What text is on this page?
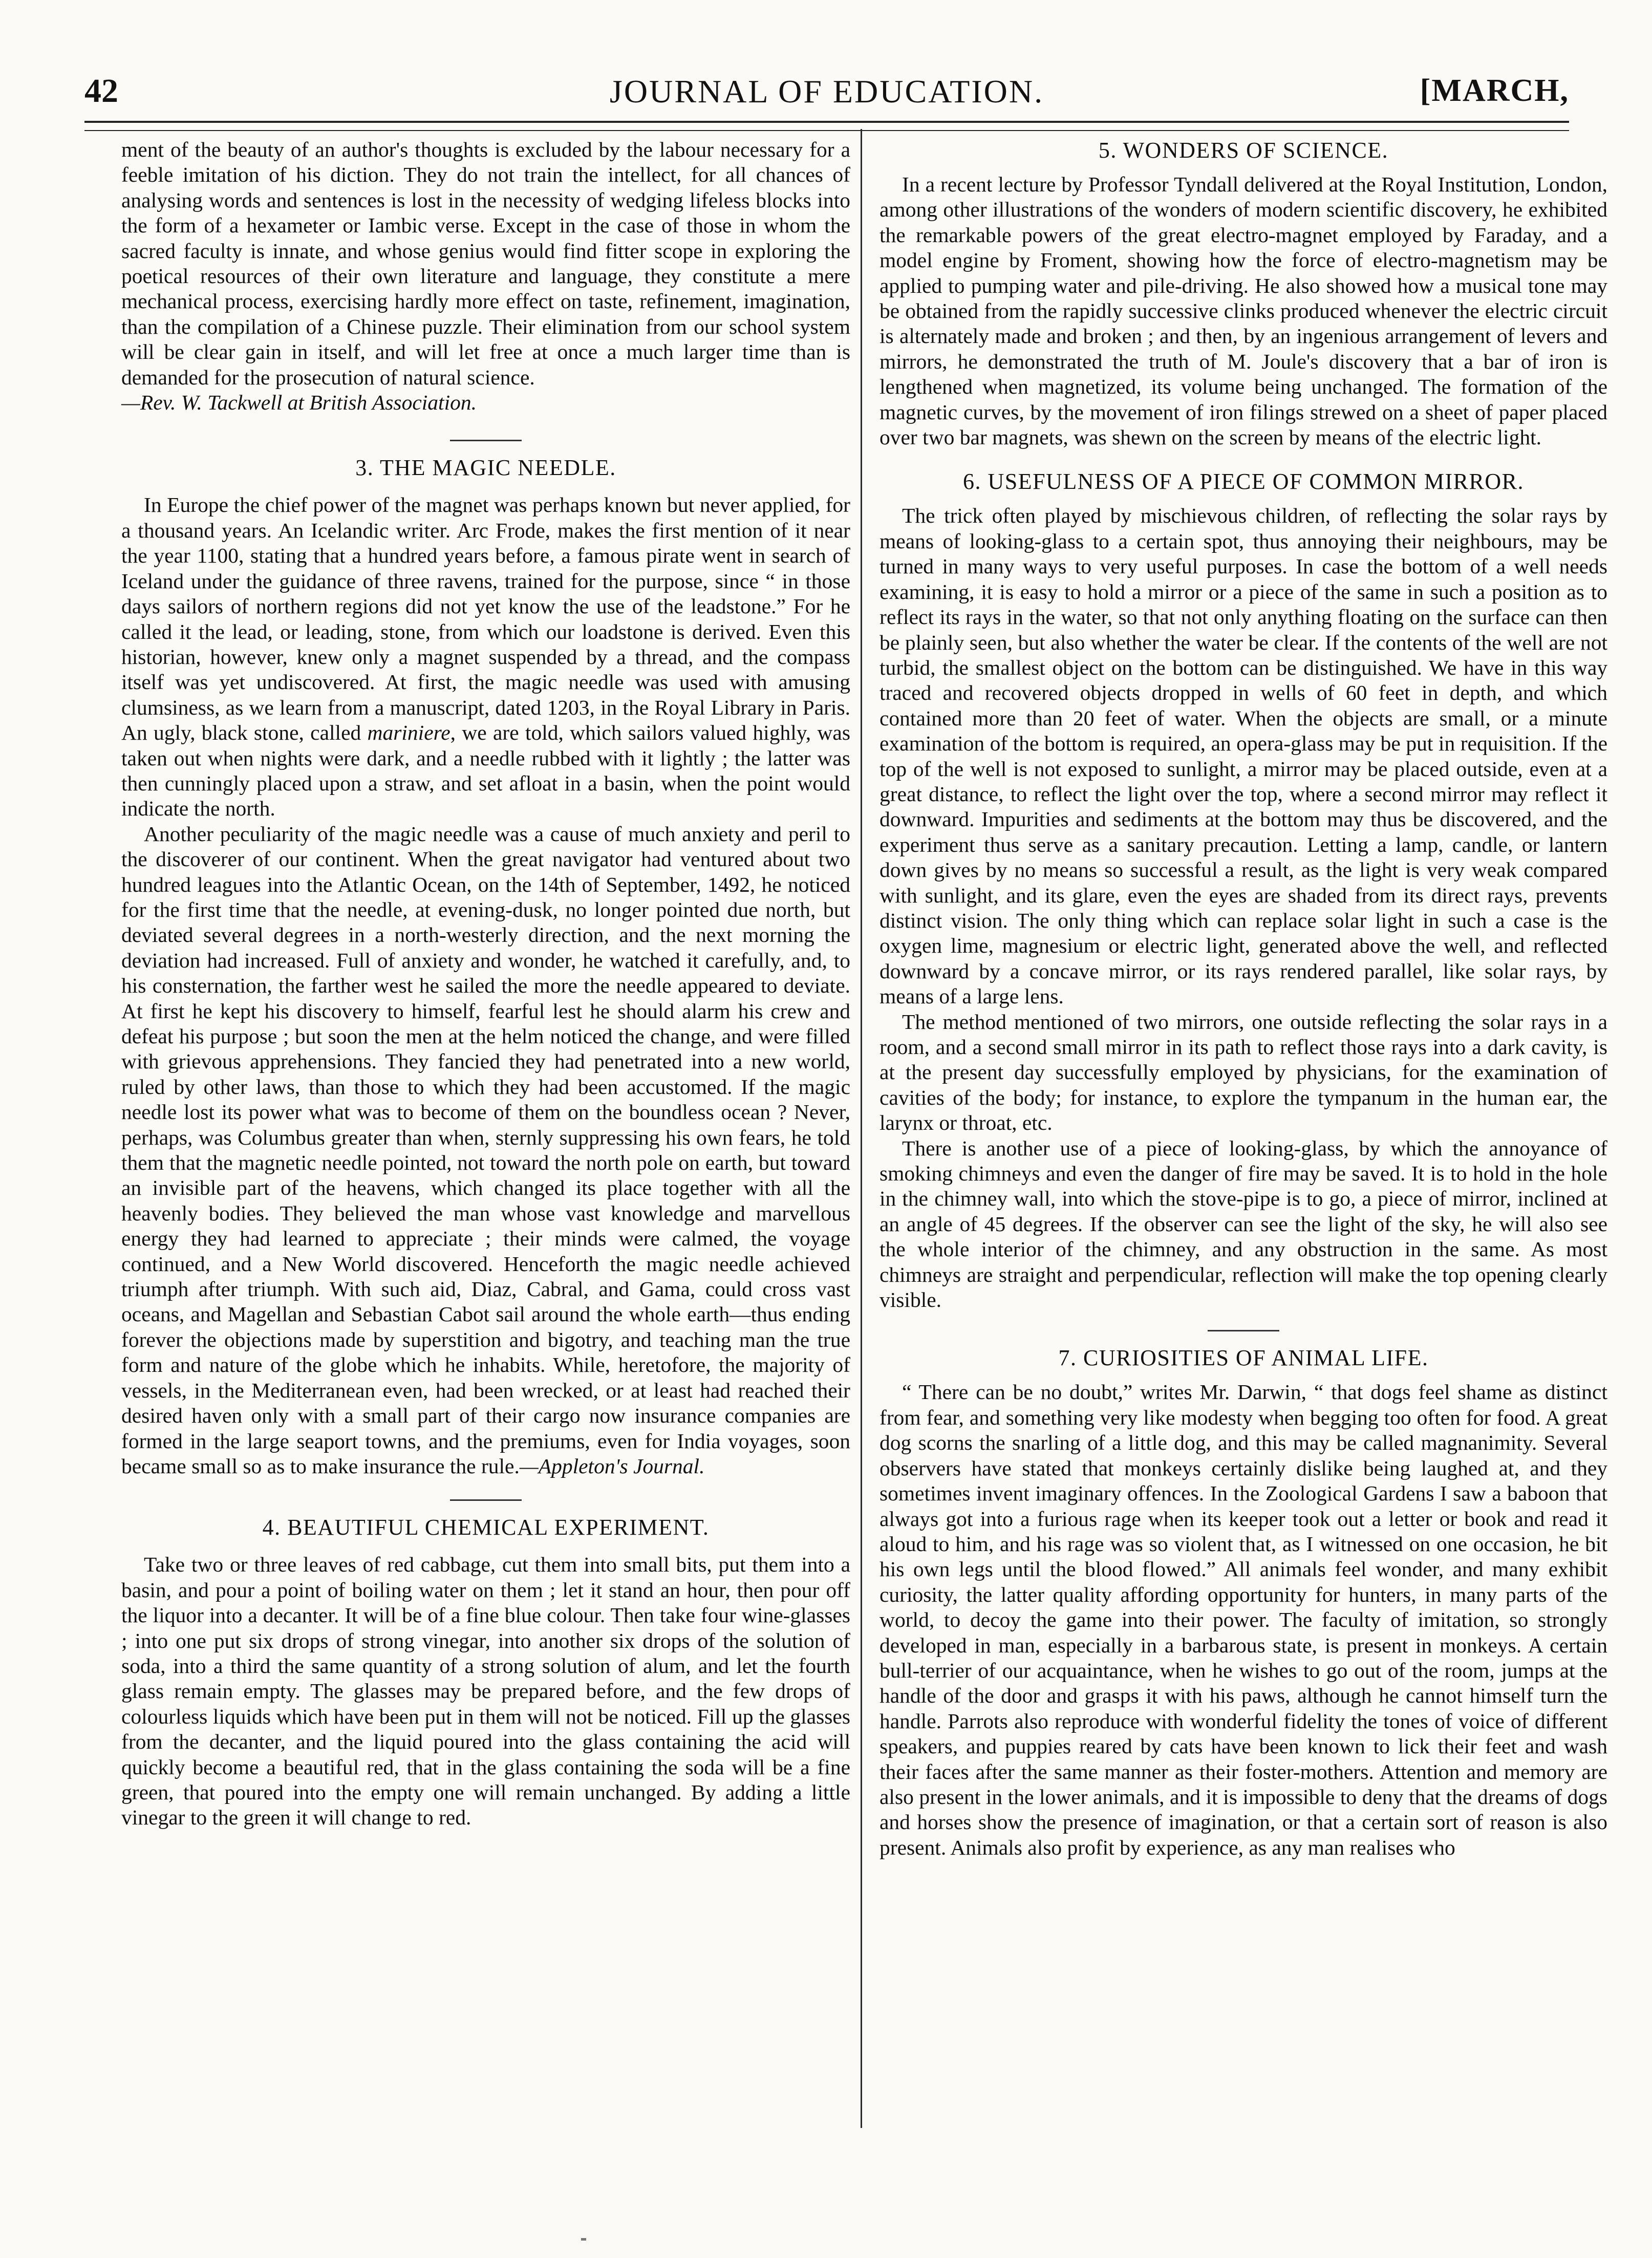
42	JOURNAL OF EDUCATION.	[MARCH,

ment of the beauty of an author's thoughts is excluded by the labour necessary for a feeble imitation of his diction. They do not train the intellect, for all chances of analysing words and sentences is lost in the necessity of wedging lifeless blocks into the form of a hexameter or Iambic verse. Except in the case of those in whom the sacred faculty is innate, and whose genius would find fitter scope in exploring the poetical resources of their own literature and language, they constitute a mere mechanical process, exercising hardly more effect on taste, refinement, imagination, than the compilation of a Chinese puzzle. Their elimination from our school system will be clear gain in itself, and will let free at once a much larger time than is demanded for the prosecution of natural science.
—Rev. W. Tackwell at British Association.

3. THE MAGIC NEEDLE.

In Europe the chief power of the magnet was perhaps known but never applied, for a thousand years. An Icelandic writer. Arc Frode, makes the first mention of it near the year 1100, stating that a hundred years before, a famous pirate went in search of Iceland under the guidance of three ravens, trained for the purpose, since “ in those days sailors of northern regions did not yet know the use of the leadstone.” For he called it the lead, or leading, stone, from which our loadstone is derived. Even this historian, however, knew only a magnet suspended by a thread, and the compass itself was yet undiscovered. At first, the magic needle was used with amusing clumsiness, as we learn from a manuscript, dated 1203, in the Royal Library in Paris. An ugly, black stone, called mariniere, we are told, which sailors valued highly, was taken out when nights were dark, and a needle rubbed with it lightly ; the latter was then cunningly placed upon a straw, and set afloat in a basin, when the point would indicate the north.

Another peculiarity of the magic needle was a cause of much anxiety and peril to the discoverer of our continent. When the great navigator had ventured about two hundred leagues into the Atlantic Ocean, on the 14th of September, 1492, he noticed for the first time that the needle, at evening-dusk, no longer pointed due north, but deviated several degrees in a north-westerly direction, and the next morning the deviation had increased. Full of anxiety and wonder, he watched it carefully, and, to his consternation, the farther west he sailed the more the needle appeared to deviate. At first he kept his discovery to himself, fearful lest he should alarm his crew and defeat his purpose ; but soon the men at the helm noticed the change, and were filled with grievous apprehensions. They fancied they had penetrated into a new world, ruled by other laws, than those to which they had been accustomed. If the magic needle lost its power what was to become of them on the boundless ocean ? Never, perhaps, was Columbus greater than when, sternly suppressing his own fears, he told them that the magnetic needle pointed, not toward the north pole on earth, but toward an invisible part of the heavens, which changed its place together with all the heavenly bodies. They believed the man whose vast knowledge and marvellous energy they had learned to appreciate ; their minds were calmed, the voyage continued, and a New World discovered. Henceforth the magic needle achieved triumph after triumph. With such aid, Diaz, Cabral, and Gama, could cross vast oceans, and Magellan and Sebastian Cabot sail around the whole earth—thus ending forever the objections made by superstition and bigotry, and teaching man the true form and nature of the globe which he inhabits. While, heretofore, the majority of vessels, in the Mediterranean even, had been wrecked, or at least had reached their desired haven only with a small part of their cargo now insurance companies are formed in the large seaport towns, and the premiums, even for India voyages, soon became small so as to make insurance the rule.—Appleton's Journal.

4. BEAUTIFUL CHEMICAL EXPERIMENT.

Take two or three leaves of red cabbage, cut them into small bits, put them into a basin, and pour a point of boiling water on them ; let it stand an hour, then pour off the liquor into a decanter. It will be of a fine blue colour. Then take four wine-glasses ; into one put six drops of strong vinegar, into another six drops of the solution of soda, into a third the same quantity of a strong solution of alum, and let the fourth glass remain empty. The glasses may be prepared before, and the few drops of colourless liquids which have been put in them will not be noticed. Fill up the glasses from the decanter, and the liquid poured into the glass containing the acid will quickly become a beautiful red, that in the glass containing the soda will be a fine green, that poured into the empty one will remain unchanged. By adding a little vinegar to the green it will change to red.

5. WONDERS OF SCIENCE.

In a recent lecture by Professor Tyndall delivered at the Royal Institution, London, among other illustrations of the wonders of modern scientific discovery, he exhibited the remarkable powers of the great electro-magnet employed by Faraday, and a model engine by Froment, showing how the force of electro-magnetism may be applied to pumping water and pile-driving. He also showed how a musical tone may be obtained from the rapidly successive clinks produced whenever the electric circuit is alternately made and broken ; and then, by an ingenious arrangement of levers and mirrors, he demonstrated the truth of M. Joule's discovery that a bar of iron is lengthened when magnetized, its volume being unchanged. The formation of the magnetic curves, by the movement of iron filings strewed on a sheet of paper placed over two bar magnets, was shewn on the screen by means of the electric light.

6. USEFULNESS OF A PIECE OF COMMON MIRROR.

The trick often played by mischievous children, of reflecting the solar rays by means of looking-glass to a certain spot, thus annoying their neighbours, may be turned in many ways to very useful purposes. In case the bottom of a well needs examining, it is easy to hold a mirror or a piece of the same in such a position as to reflect its rays in the water, so that not only anything floating on the surface can then be plainly seen, but also whether the water be clear. If the contents of the well are not turbid, the smallest object on the bottom can be distinguished. We have in this way traced and recovered objects dropped in wells of 60 feet in depth, and which contained more than 20 feet of water. When the objects are small, or a minute examination of the bottom is required, an opera-glass may be put in requisition. If the top of the well is not exposed to sunlight, a mirror may be placed outside, even at a great distance, to reflect the light over the top, where a second mirror may reflect it downward. Impurities and sediments at the bottom may thus be discovered, and the experiment thus serve as a sanitary precaution. Letting a lamp, candle, or lantern down gives by no means so successful a result, as the light is very weak compared with sunlight, and its glare, even the eyes are shaded from its direct rays, prevents distinct vision. The only thing which can replace solar light in such a case is the oxygen lime, magnesium or electric light, generated above the well, and reflected downward by a concave mirror, or its rays rendered parallel, like solar rays, by means of a large lens.

The method mentioned of two mirrors, one outside reflecting the solar rays in a room, and a second small mirror in its path to reflect those rays into a dark cavity, is at the present day successfully employed by physicians, for the examination of cavities of the body; for instance, to explore the tympanum in the human ear, the larynx or throat, etc.

There is another use of a piece of looking-glass, by which the annoyance of smoking chimneys and even the danger of fire may be saved. It is to hold in the hole in the chimney wall, into which the stove-pipe is to go, a piece of mirror, inclined at an angle of 45 degrees. If the observer can see the light of the sky, he will also see the whole interior of the chimney, and any obstruction in the same. As most chimneys are straight and perpendicular, reflection will make the top opening clearly visible.

7. CURIOSITIES OF ANIMAL LIFE.

“ There can be no doubt,” writes Mr. Darwin, “ that dogs feel shame as distinct from fear, and something very like modesty when begging too often for food. A great dog scorns the snarling of a little dog, and this may be called magnanimity. Several observers have stated that monkeys certainly dislike being laughed at, and they sometimes invent imaginary offences. In the Zoological Gardens I saw a baboon that always got into a furious rage when its keeper took out a letter or book and read it aloud to him, and his rage was so violent that, as I witnessed on one occasion, he bit his own legs until the blood flowed.” All animals feel wonder, and many exhibit curiosity, the latter quality affording opportunity for hunters, in many parts of the world, to decoy the game into their power. The faculty of imitation, so strongly developed in man, especially in a barbarous state, is present in monkeys. A certain bull-terrier of our acquaintance, when he wishes to go out of the room, jumps at the handle of the door and grasps it with his paws, although he cannot himself turn the handle. Parrots also reproduce with wonderful fidelity the tones of voice of different speakers, and puppies reared by cats have been known to lick their feet and wash their faces after the same manner as their foster-mothers. Attention and memory are also present in the lower animals, and it is impossible to deny that the dreams of dogs and horses show the presence of imagination, or that a certain sort of reason is also present. Animals also profit by experience, as any man realises who
